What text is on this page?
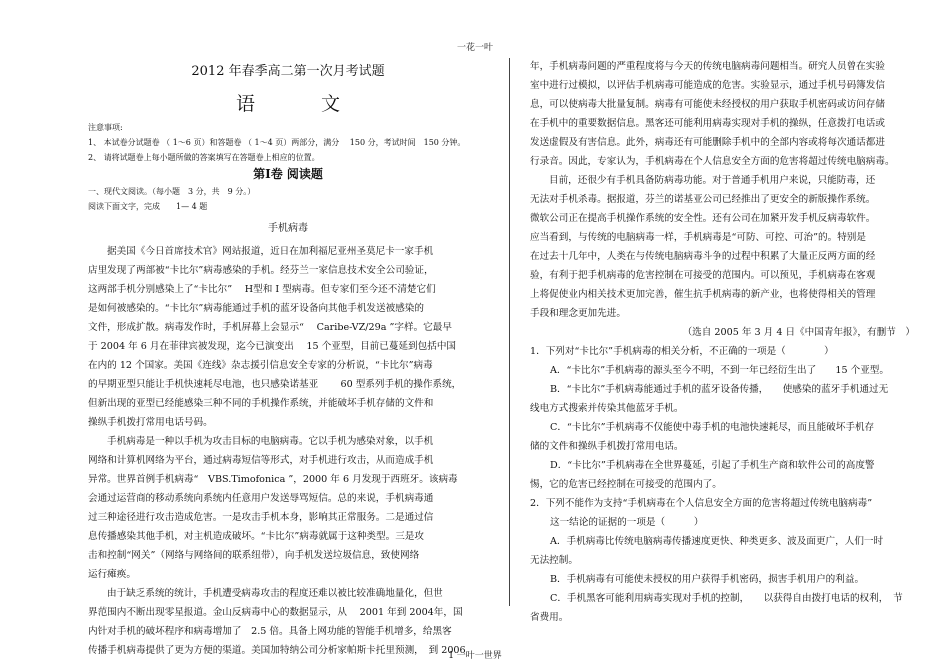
一花一叶
2012 年春季高二第一次月考试题
语 文
注意事项:
1、 本试卷分试题卷 （ 1～6 页）和答题卷 （ 1～4 页）两部分，满分　 150 分，考试时间　150 分钟。
2、 请将试题卷上每小题所做的答案填写在答题卷上相应的位置。
第Ⅰ卷 阅读题
一、现代文阅读。（每小题　3 分，共　9 分。）
阅读下面文字，完成　　1— 4 题
手机病毒
据美国《今日首席技术官》网站报道，近日在加利福尼亚州圣莫尼卡一家手机
店里发现了两部被“卡比尔”病毒感染的手机。经芬兰一家信息技术安全公司验证，
这两部手机分别感染上了“卡比尔”　 H型和 Ⅰ 型病毒。但专家们至今还不清楚它们
是如何被感染的。“卡比尔”病毒能通过手机的蓝牙设备向其他手机发送被感染的
文件，形成扩散。病毒发作时，手机屏幕上会显示“　 Caribe-VZ/29a ”字样。它最早
于 2004 年 6 月在菲律宾被发现，迄今已演变出　 15 个亚型，目前已蔓延到包括中国
在内的 12 个国家。美国《连线》杂志援引信息安全专家的分析说，“卡比尔”病毒
的早期亚型只能让手机快速耗尽电池，也只感染诺基亚　　 60 型系列手机的操作系统，
但新出现的亚型已经能感染三种不同的手机操作系统，并能破坏手机存储的文件和
操纵手机拨打常用电话号码。
手机病毒是一种以手机为攻击目标的电脑病毒。它以手机为感染对象，以手机
网络和计算机网络为平台，通过病毒短信等形式，对手机进行攻击，从而造成手机
异常。世界首例手机病毒“　VBS.Timofonica ”，2000 年 6 月发现于西班牙。该病毒
会通过运营商的移动系统向系统内任意用户发送辱骂短信。总的来说，手机病毒通
过三种途径进行攻击造成危害。一是攻击手机本身，影响其正常服务。二是通过信
息传播感染其他手机，对主机造成破坏。“卡比尔”病毒就属于这种类型。三是攻
击和控制“网关”（网络与网络间的联系纽带），向手机发送垃圾信息，致使网络
运行瘫痪。
由于缺乏系统的统计，手机遭受病毒攻击的程度还难以被比较准确地量化，但世
界范围内不断出现零星报道。金山反病毒中心的数据显示，从　 2001 年到 2004年，国
内针对手机的破坏程序和病毒增加了　2.5 倍。具备上网功能的智能手机增多，给黑客
传播手机病毒提供了更为方便的渠道。美国加特纳公司分析家帕斯卡托里预测，　到 2006
年，手机病毒问题的严重程度将与今天的传统电脑病毒问题相当。研究人员曾在实验
室中进行过模拟，以评估手机病毒可能造成的危害。实验显示，通过手机号码簿发信
息，可以使病毒大批量复制。病毒有可能使未经授权的用户获取手机密码或访问存储
在手机中的重要数据信息。黑客还可能利用病毒实现对手机的操纵，任意拨打电话或
发送虚假及有害信息。此外，病毒还有可能删除手机中的全部内容或将每次通话都进
行录音。因此，专家认为，手机病毒在个人信息安全方面的危害将超过传统电脑病毒。
目前，还很少有手机具备防病毒功能。对于普通手机用户来说，只能防毒，还
无法对手机杀毒。据报道，芬兰的诺基亚公司已经推出了更安全的新版操作系统。
微软公司正在提高手机操作系统的安全性。还有公司在加紧开发手机反病毒软件。
应当看到，与传统的电脑病毒一样，手机病毒是“可防、可控、可治”的。特别是
在过去十几年中，人类在与传统电脑病毒斗争的过程中积累了大量正反两方面的经
验，有利于把手机病毒的危害控制在可接受的范围内。可以预见，手机病毒在客观
上将促使业内相关技术更加完善，催生抗手机病毒的新产业，也将使得相关的管理
手段和理念更加先进。
（选自 2005 年 3 月 4 日《中国青年报》，有删节　）
1．下列对“卡比尔”手机病毒的相关分析，不正确的一项是（　　　　）
A．“卡比尔”手机病毒的源头至今不明，不到一年已经衍生出了　　15 个亚型。
B．“卡比尔”手机病毒能通过手机的蓝牙设备传播，　　使感染的蓝牙手机通过无
线电方式搜索并传染其他蓝牙手机。
C．“卡比尔”手机病毒不仅能使中毒手机的电池快速耗尽，而且能破坏手机存
储的文件和操纵手机拨打常用电话。
D．“卡比尔”手机病毒在全世界蔓延，引起了手机生产商和软件公司的高度警
惕，它的危害已经控制在可接受的范围内了。
2．下列不能作为支持“手机病毒在个人信息安全方面的危害将超过传统电脑病毒”
这一结论的证据的一项是（　　　）
A．手机病毒比传统电脑病毒传播速度更快、种类更多、波及面更广，人们一时
无法控制。
B．手机病毒有可能使未授权的用户获得手机密码，损害手机用户的利益。
C．手机黑客可能利用病毒实现对手机的控制，　　以获得自由拨打电话的权利，　节
省费用。
1 一叶一世界
